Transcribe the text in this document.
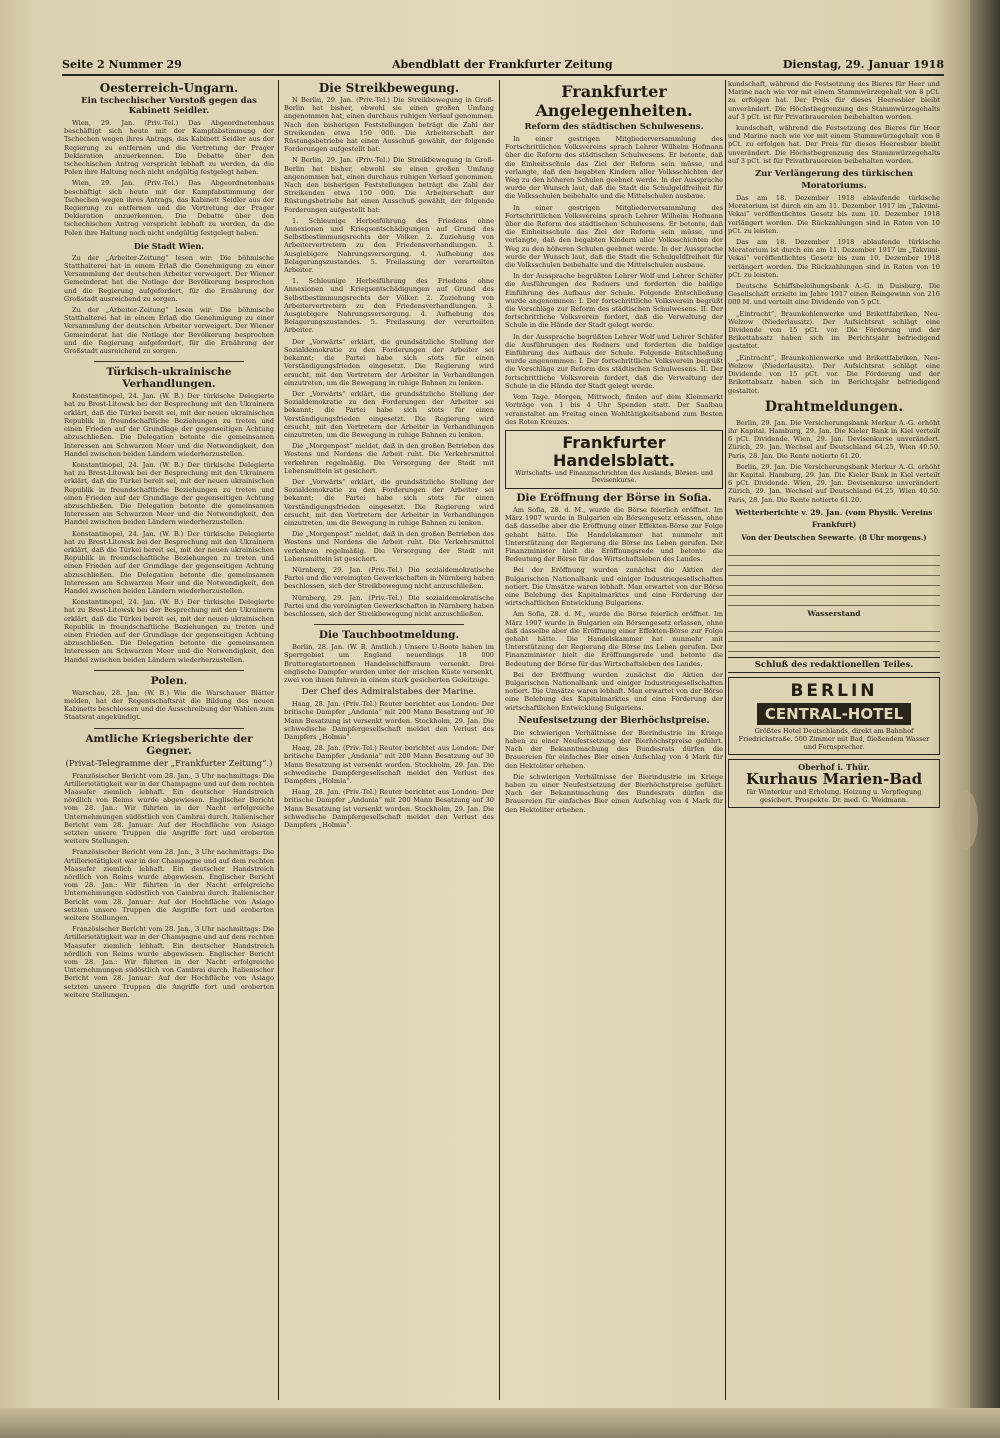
Seite 2 Nummer 29	Abendblatt der Frankfurter Zeitung	Dienstag, 29. Januar 1918
Oesterreich-Ungarn.
Ein tschechischer Vorstoß gegen das Kabinett Seidler.

Wien, 29. Jan. (Priv.-Tel.) Das Abgeordnetenhaus beschäftigt sich heute mit der Kampfabstimmung der Tschechen wegen ihres Antrags, das Kabinett Seidler aus der Regierung zu entfernen und die Vertretung der Prager Deklaration anzuerkennen. Die Debatte über den tschechischen Antrag verspricht lebhaft zu werden, da die Polen ihre Haltung noch nicht endgültig festgelegt haben.

Wien, 29. Jan. (Priv.-Tel.) Das Abgeordnetenhaus beschäftigt sich heute mit der Kampfabstimmung der Tschechen wegen ihres Antrags, das Kabinett Seidler aus der Regierung zu entfernen und die Vertretung der Prager Deklaration anzuerkennen. Die Debatte über den tschechischen Antrag verspricht lebhaft zu werden, da die Polen ihre Haltung noch nicht endgültig festgelegt haben.

Die Stadt Wien.

Zu der „Arbeiter-Zeitung“ lesen wir: Die böhmische Statthalterei hat in einem Erlaß die Genehmigung zu einer Versammlung der deutschen Arbeiter verweigert. Der Wiener Gemeinderat hat die Notlage der Bevölkerung besprochen und die Regierung aufgefordert, für die Ernährung der Großstadt ausreichend zu sorgen.

Zu der „Arbeiter-Zeitung“ lesen wir: Die böhmische Statthalterei hat in einem Erlaß die Genehmigung zu einer Versammlung der deutschen Arbeiter verweigert. Der Wiener Gemeinderat hat die Notlage der Bevölkerung besprochen und die Regierung aufgefordert, für die Ernährung der Großstadt ausreichend zu sorgen.

Türkisch-ukrainische Verhandlungen.

Konstantinopel, 24. Jan. (W. B.) Der türkische Delegierte hat zu Brest-Litowsk bei der Besprechung mit den Ukrainern erklärt, daß die Türkei bereit sei, mit der neuen ukrainischen Republik in freundschaftliche Beziehungen zu treten und einen Frieden auf der Grundlage der gegenseitigen Achtung abzuschließen. Die Delegation betonte die gemeinsamen Interessen am Schwarzen Meer und die Notwendigkeit, den Handel zwischen beiden Ländern wiederherzustellen.

Konstantinopel, 24. Jan. (W. B.) Der türkische Delegierte hat zu Brest-Litowsk bei der Besprechung mit den Ukrainern erklärt, daß die Türkei bereit sei, mit der neuen ukrainischen Republik in freundschaftliche Beziehungen zu treten und einen Frieden auf der Grundlage der gegenseitigen Achtung abzuschließen. Die Delegation betonte die gemeinsamen Interessen am Schwarzen Meer und die Notwendigkeit, den Handel zwischen beiden Ländern wiederherzustellen.

Konstantinopel, 24. Jan. (W. B.) Der türkische Delegierte hat zu Brest-Litowsk bei der Besprechung mit den Ukrainern erklärt, daß die Türkei bereit sei, mit der neuen ukrainischen Republik in freundschaftliche Beziehungen zu treten und einen Frieden auf der Grundlage der gegenseitigen Achtung abzuschließen. Die Delegation betonte die gemeinsamen Interessen am Schwarzen Meer und die Notwendigkeit, den Handel zwischen beiden Ländern wiederherzustellen.

Konstantinopel, 24. Jan. (W. B.) Der türkische Delegierte hat zu Brest-Litowsk bei der Besprechung mit den Ukrainern erklärt, daß die Türkei bereit sei, mit der neuen ukrainischen Republik in freundschaftliche Beziehungen zu treten und einen Frieden auf der Grundlage der gegenseitigen Achtung abzuschließen. Die Delegation betonte die gemeinsamen Interessen am Schwarzen Meer und die Notwendigkeit, den Handel zwischen beiden Ländern wiederherzustellen.

Polen.

Warschau, 28. Jan. (W. B.) Wie die Warschauer Blätter melden, hat der Regentschaftsrat die Bildung des neuen Kabinetts beschlossen und die Ausschreibung der Wahlen zum Staatsrat angekündigt.

Amtliche Kriegsberichte der Gegner.
(Privat-Telegramme der „Frankfurter Zeitung“.)

Französischer Bericht vom 28. Jan., 3 Uhr nachmittags: Die Artillerietätigkeit war in der Champagne und auf dem rechten Maasufer ziemlich lebhaft. Ein deutscher Handstreich nördlich von Reims wurde abgewiesen. Englischer Bericht vom 28. Jan.: Wir führten in der Nacht erfolgreiche Unternehmungen südöstlich von Cambrai durch. Italienischer Bericht vom 28. Januar: Auf der Hochfläche von Asiago setzten unsere Truppen die Angriffe fort und eroberten weitere Stellungen.

Französischer Bericht vom 28. Jan., 3 Uhr nachmittags: Die Artillerietätigkeit war in der Champagne und auf dem rechten Maasufer ziemlich lebhaft. Ein deutscher Handstreich nördlich von Reims wurde abgewiesen. Englischer Bericht vom 28. Jan.: Wir führten in der Nacht erfolgreiche Unternehmungen südöstlich von Cambrai durch. Italienischer Bericht vom 28. Januar: Auf der Hochfläche von Asiago setzten unsere Truppen die Angriffe fort und eroberten weitere Stellungen.

Französischer Bericht vom 28. Jan., 3 Uhr nachmittags: Die Artillerietätigkeit war in der Champagne und auf dem rechten Maasufer ziemlich lebhaft. Ein deutscher Handstreich nördlich von Reims wurde abgewiesen. Englischer Bericht vom 28. Jan.: Wir führten in der Nacht erfolgreiche Unternehmungen südöstlich von Cambrai durch. Italienischer Bericht vom 28. Januar: Auf der Hochfläche von Asiago setzten unsere Truppen die Angriffe fort und eroberten weitere Stellungen.

Die Streikbewegung.

N Berlin, 29. Jan. (Priv.-Tel.) Die Streikbewegung in Groß-Berlin hat bisher, obwohl sie einen großen Umfang angenommen hat, einen durchaus ruhigen Verlauf genommen. Nach den bisherigen Feststellungen beträgt die Zahl der Streikenden etwa 150 000. Die Arbeiterschaft der Rüstungsbetriebe hat einen Ausschuß gewählt, der folgende Forderungen aufgestellt hat:

N Berlin, 29. Jan. (Priv.-Tel.) Die Streikbewegung in Groß-Berlin hat bisher, obwohl sie einen großen Umfang angenommen hat, einen durchaus ruhigen Verlauf genommen. Nach den bisherigen Feststellungen beträgt die Zahl der Streikenden etwa 150 000. Die Arbeiterschaft der Rüstungsbetriebe hat einen Ausschuß gewählt, der folgende Forderungen aufgestellt hat:

1. Schleunige Herbeiführung des Friedens ohne Annexionen und Kriegsentschädigungen auf Grund des Selbstbestimmungsrechts der Völker. 2. Zuziehung von Arbeitervertretern zu den Friedensverhandlungen. 3. Ausgiebigere Nahrungsversorgung. 4. Aufhebung des Belagerungszustandes. 5. Freilassung der verurteilten Arbeiter.

1. Schleunige Herbeiführung des Friedens ohne Annexionen und Kriegsentschädigungen auf Grund des Selbstbestimmungsrechts der Völker. 2. Zuziehung von Arbeitervertretern zu den Friedensverhandlungen. 3. Ausgiebigere Nahrungsversorgung. 4. Aufhebung des Belagerungszustandes. 5. Freilassung der verurteilten Arbeiter.

Der „Vorwärts“ erklärt, die grundsätzliche Stellung der Sozialdemokratie zu den Forderungen der Arbeiter sei bekannt; die Partei habe sich stets für einen Verständigungsfrieden eingesetzt. Die Regierung wird ersucht, mit den Vertretern der Arbeiter in Verhandlungen einzutreten, um die Bewegung in ruhige Bahnen zu lenken.

Der „Vorwärts“ erklärt, die grundsätzliche Stellung der Sozialdemokratie zu den Forderungen der Arbeiter sei bekannt; die Partei habe sich stets für einen Verständigungsfrieden eingesetzt. Die Regierung wird ersucht, mit den Vertretern der Arbeiter in Verhandlungen einzutreten, um die Bewegung in ruhige Bahnen zu lenken.

Die „Morgenpost“ meldet, daß in den großen Betrieben des Westens und Nordens die Arbeit ruht. Die Verkehrsmittel verkehren regelmäßig. Die Versorgung der Stadt mit Lebensmitteln ist gesichert.

Der „Vorwärts“ erklärt, die grundsätzliche Stellung der Sozialdemokratie zu den Forderungen der Arbeiter sei bekannt; die Partei habe sich stets für einen Verständigungsfrieden eingesetzt. Die Regierung wird ersucht, mit den Vertretern der Arbeiter in Verhandlungen einzutreten, um die Bewegung in ruhige Bahnen zu lenken.

Die „Morgenpost“ meldet, daß in den großen Betrieben des Westens und Nordens die Arbeit ruht. Die Verkehrsmittel verkehren regelmäßig. Die Versorgung der Stadt mit Lebensmitteln ist gesichert.

Nürnberg, 29. Jan. (Priv.-Tel.) Die sozialdemokratische Partei und die vereinigten Gewerkschaften in Nürnberg haben beschlossen, sich der Streikbewegung nicht anzuschließen.

Nürnberg, 29. Jan. (Priv.-Tel.) Die sozialdemokratische Partei und die vereinigten Gewerkschaften in Nürnberg haben beschlossen, sich der Streikbewegung nicht anzuschließen.

Die Tauchbootmeldung.

Berlin, 28. Jan. (W. B. Amtlich.) Unsere U-Boote haben im Sperrgebiet um England neuerdings 18 000 Bruttoregistertonnen Handelsschiffsraum versenkt. Drei englische Dampfer wurden unter der irischen Küste versenkt, zwei von ihnen fuhren in einem stark gesicherten Geleitzuge.

Der Chef des Admiralstabes der Marine.

Haag, 28. Jan. (Priv.-Tel.) Reuter berichtet aus London: Der britische Dampfer „Andania“ mit 200 Mann Besatzung auf 30 Mann Besatzung ist versenkt worden. Stockholm, 29. Jan. Die schwedische Dampfergesellschaft meldet den Verlust des Dampfers „Holmia“.

Haag, 28. Jan. (Priv.-Tel.) Reuter berichtet aus London: Der britische Dampfer „Andania“ mit 200 Mann Besatzung auf 30 Mann Besatzung ist versenkt worden. Stockholm, 29. Jan. Die schwedische Dampfergesellschaft meldet den Verlust des Dampfers „Holmia“.

Haag, 28. Jan. (Priv.-Tel.) Reuter berichtet aus London: Der britische Dampfer „Andania“ mit 200 Mann Besatzung auf 30 Mann Besatzung ist versenkt worden. Stockholm, 29. Jan. Die schwedische Dampfergesellschaft meldet den Verlust des Dampfers „Holmia“.

Frankfurter Angelegenheiten.
Reform des städtischen Schulwesens.

In einer gestrigen Mitgliederversammlung des Fortschrittlichen Volksvereins sprach Lehrer Wilhelm Hofmann über die Reform des städtischen Schulwesens. Er betonte, daß die Einheitsschule das Ziel der Reform sein müsse, und verlangte, daß den begabten Kindern aller Volksschichten der Weg zu den höheren Schulen geebnet werde. In der Aussprache wurde der Wunsch laut, daß die Stadt die Schulgeldfreiheit für die Volksschulen beibehalte und die Mittelschulen ausbaue.

In einer gestrigen Mitgliederversammlung des Fortschrittlichen Volksvereins sprach Lehrer Wilhelm Hofmann über die Reform des städtischen Schulwesens. Er betonte, daß die Einheitsschule das Ziel der Reform sein müsse, und verlangte, daß den begabten Kindern aller Volksschichten der Weg zu den höheren Schulen geebnet werde. In der Aussprache wurde der Wunsch laut, daß die Stadt die Schulgeldfreiheit für die Volksschulen beibehalte und die Mittelschulen ausbaue.

In der Aussprache begrüßten Lehrer Wolf und Lehrer Schäfer die Ausführungen des Redners und forderten die baldige Einführung des Aufbaus der Schule. Folgende Entschließung wurde angenommen: I. Der fortschrittliche Volksverein begrüßt die Vorschläge zur Reform des städtischen Schulwesens. II. Der fortschrittliche Volksverein fordert, daß die Verwaltung der Schule in die Hände der Stadt gelegt werde.

In der Aussprache begrüßten Lehrer Wolf und Lehrer Schäfer die Ausführungen des Redners und forderten die baldige Einführung des Aufbaus der Schule. Folgende Entschließung wurde angenommen: I. Der fortschrittliche Volksverein begrüßt die Vorschläge zur Reform des städtischen Schulwesens. II. Der fortschrittliche Volksverein fordert, daß die Verwaltung der Schule in die Hände der Stadt gelegt werde.

Vom Tage. Morgen, Mittwoch, finden auf dem Kleinmarkt Vorträge von 1 bis 4 Uhr Spenden statt. Der Saalbau veranstaltet am Freitag einen Wohltätigkeitsabend zum Besten des Roten Kreuzes.

Frankfurter Handelsblatt.
Wirtschafts- und Finanznachrichten des Auslands, Börsen- und Devisenkurse.
Die Eröffnung der Börse in Sofia.

Am Sofia, 28. d. M., wurde die Börse feierlich eröffnet. Im März 1907 wurde in Bulgarien ein Börsengesetz erlassen, ohne daß dasselbe aber die Eröffnung einer Effekten-Börse zur Folge gehabt hätte. Die Handelskammer hat nunmehr mit Unterstützung der Regierung die Börse ins Leben gerufen. Der Finanzminister hielt die Eröffnungsrede und betonte die Bedeutung der Börse für das Wirtschaftsleben des Landes.

Bei der Eröffnung wurden zunächst die Aktien der Bulgarischen Nationalbank und einiger Industriegesellschaften notiert. Die Umsätze waren lebhaft. Man erwartet von der Börse eine Belebung des Kapitalmarktes und eine Förderung der wirtschaftlichen Entwicklung Bulgariens.

Am Sofia, 28. d. M., wurde die Börse feierlich eröffnet. Im März 1907 wurde in Bulgarien ein Börsengesetz erlassen, ohne daß dasselbe aber die Eröffnung einer Effekten-Börse zur Folge gehabt hätte. Die Handelskammer hat nunmehr mit Unterstützung der Regierung die Börse ins Leben gerufen. Der Finanzminister hielt die Eröffnungsrede und betonte die Bedeutung der Börse für das Wirtschaftsleben des Landes.

Bei der Eröffnung wurden zunächst die Aktien der Bulgarischen Nationalbank und einiger Industriegesellschaften notiert. Die Umsätze waren lebhaft. Man erwartet von der Börse eine Belebung des Kapitalmarktes und eine Förderung der wirtschaftlichen Entwicklung Bulgariens.

Neufestsetzung der Bierhöchstpreise.

Die schwierigen Verhältnisse der Bierindustrie im Kriege haben zu einer Neufestsetzung der Bierhöchstpreise geführt. Nach der Bekanntmachung des Bundesrats dürfen die Brauereien für einfaches Bier einen Aufschlag von 4 Mark für den Hektoliter erheben.

Die schwierigen Verhältnisse der Bierindustrie im Kriege haben zu einer Neufestsetzung der Bierhöchstpreise geführt. Nach der Bekanntmachung des Bundesrats dürfen die Brauereien für einfaches Bier einen Aufschlag von 4 Mark für den Hektoliter erheben.

kundschaft, während die Festsetzung des Bieres für Heer und Marine nach wie vor mit einem Stammwürzegehalt von 8 pCt. zu erfolgen hat. Der Preis für dieses Heeresbier bleibt unverändert. Die Höchstbegrenzung des Stammwürzegehalts auf 3 pCt. ist für Privatbrauereien beibehalten worden.

kundschaft, während die Festsetzung des Bieres für Heer und Marine nach wie vor mit einem Stammwürzegehalt von 8 pCt. zu erfolgen hat. Der Preis für dieses Heeresbier bleibt unverändert. Die Höchstbegrenzung des Stammwürzegehalts auf 3 pCt. ist für Privatbrauereien beibehalten worden.

Zur Verlängerung des türkischen Moratoriums.

Das am 18. Dezember 1918 ablaufende türkische Moratorium ist durch ein am 11. Dezember 1917 im „Takvimi-Vekai“ veröffentlichtes Gesetz bis zum 10. Dezember 1918 verlängert worden. Die Rückzahlungen sind in Raten von 10 pCt. zu leisten.

Das am 18. Dezember 1918 ablaufende türkische Moratorium ist durch ein am 11. Dezember 1917 im „Takvimi-Vekai“ veröffentlichtes Gesetz bis zum 10. Dezember 1918 verlängert worden. Die Rückzahlungen sind in Raten von 10 pCt. zu leisten.

Deutsche Schiffsbeleihungsbank A.-G. in Duisburg. Die Gesellschaft erzielte im Jahre 1917 einen Reingewinn von 216 000 M. und verteilt eine Dividende von 5 pCt.

„Eintracht“, Braunkohlenwerke und Brikettfabriken, Neu-Welzow (Niederlausitz). Der Aufsichtsrat schlägt eine Dividende von 15 pCt. vor. Die Förderung und der Brikettabsatz haben sich im Berichtsjahr befriedigend gestaltet.

„Eintracht“, Braunkohlenwerke und Brikettfabriken, Neu-Welzow (Niederlausitz). Der Aufsichtsrat schlägt eine Dividende von 15 pCt. vor. Die Förderung und der Brikettabsatz haben sich im Berichtsjahr befriedigend gestaltet.

Drahtmeldungen.

Berlin, 29. Jan. Die Versicherungsbank Merkur A.-G. erhöht ihr Kapital. Hamburg, 29. Jan. Die Kieler Bank in Kiel verteilt 6 pCt. Dividende. Wien, 29. Jan. Devisenkurse unverändert. Zürich, 29. Jan. Wechsel auf Deutschland 64.25, Wien 40.50. Paris, 28. Jan. Die Rente notierte 61.20.

Berlin, 29. Jan. Die Versicherungsbank Merkur A.-G. erhöht ihr Kapital. Hamburg, 29. Jan. Die Kieler Bank in Kiel verteilt 6 pCt. Dividende. Wien, 29. Jan. Devisenkurse unverändert. Zürich, 29. Jan. Wechsel auf Deutschland 64.25, Wien 40.50. Paris, 28. Jan. Die Rente notierte 61.20.

Wetterberichte v. 29. Jan. (vom Physik. Vereins Frankfurt)
Von der Deutschen Seewarte. (8 Uhr morgens.)

Wasserstand

Schluß des redaktionellen Teiles.
BERLIN
CENTRAL-HOTEL
Größtes Hotel Deutschlands, direkt am Bahnhof Friedrichstraße. 500 Zimmer mit Bad, fließendem Wasser und Fernsprecher.
Oberhof i. Thür.
Kurhaus Marien-Bad
für Winterkur und Erholung. Heizung u. Verpflegung gesichert. Prospekte. Dr. med. G. Weidmann.
